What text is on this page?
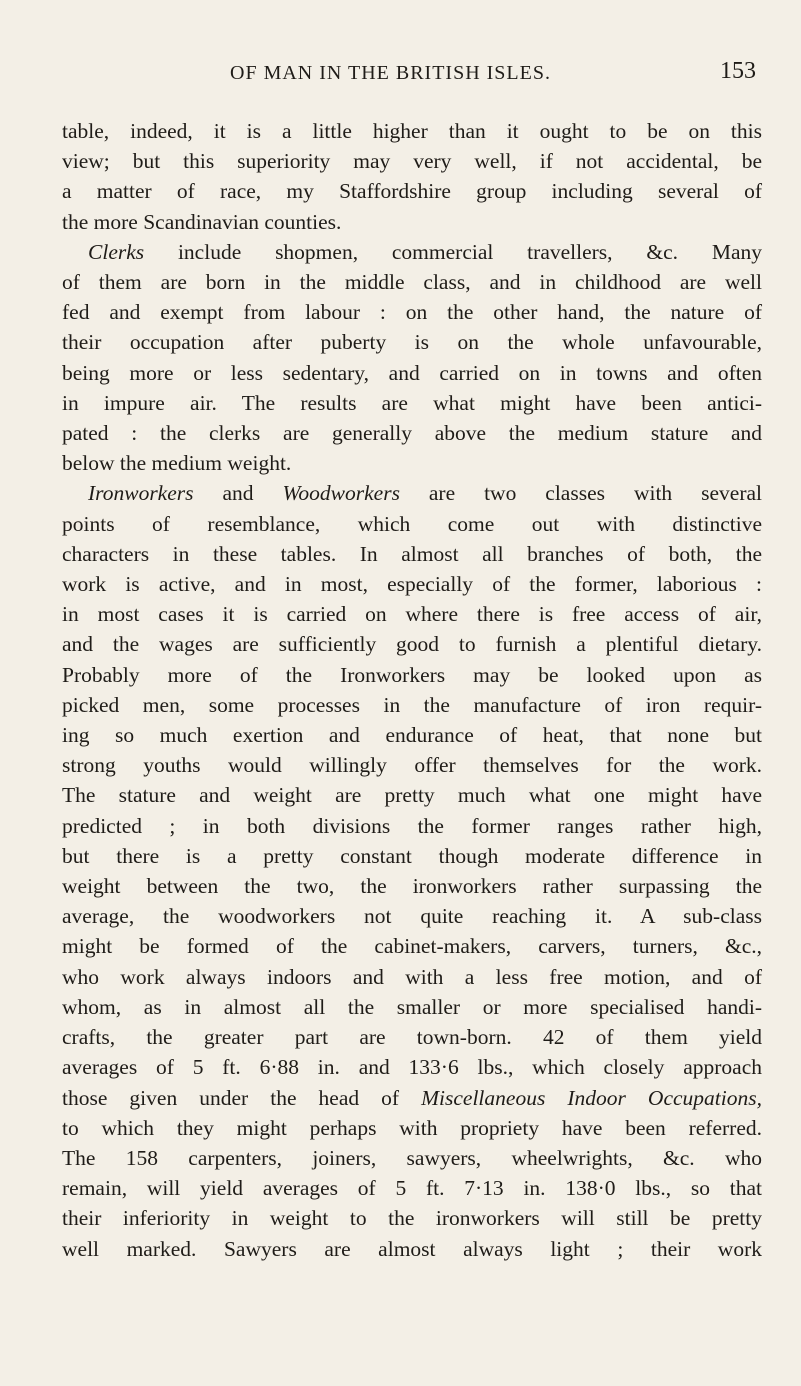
OF MAN IN THE BRITISH ISLES.	153

table, indeed, it is a little higher than it ought to be on this
view; but this superiority may very well, if not accidental, be
a matter of race, my Staffordshire group including several of
the more Scandinavian counties.

Clerks include shopmen, commercial travellers, &c. Many
of them are born in the middle class, and in childhood are well
fed and exempt from labour : on the other hand, the nature of
their occupation after puberty is on the whole unfavourable,
being more or less sedentary, and carried on in towns and often
in impure air. The results are what might have been antici-
pated : the clerks are generally above the medium stature and
below the medium weight.

Ironworkers and Woodworkers are two classes with several
points of resemblance, which come out with distinctive
characters in these tables. In almost all branches of both, the
work is active, and in most, especially of the former, laborious :
in most cases it is carried on where there is free access of air,
and the wages are sufficiently good to furnish a plentiful dietary.
Probably more of the Ironworkers may be looked upon as
picked men, some processes in the manufacture of iron requir-
ing so much exertion and endurance of heat, that none but
strong youths would willingly offer themselves for the work.
The stature and weight are pretty much what one might have
predicted ; in both divisions the former ranges rather high,
but there is a pretty constant though moderate difference in
weight between the two, the ironworkers rather surpassing the
average, the woodworkers not quite reaching it. A sub-class
might be formed of the cabinet-makers, carvers, turners, &c.,
who work always indoors and with a less free motion, and of
whom, as in almost all the smaller or more specialised handi-
crafts, the greater part are town-born. 42 of them yield
averages of 5 ft. 6·88 in. and 133·6 lbs., which closely approach
those given under the head of Miscellaneous Indoor Occupations,
to which they might perhaps with propriety have been referred.
The 158 carpenters, joiners, sawyers, wheelwrights, &c. who
remain, will yield averages of 5 ft. 7·13 in. 138·0 lbs., so that
their inferiority in weight to the ironworkers will still be pretty
well marked. Sawyers are almost always light ; their work
